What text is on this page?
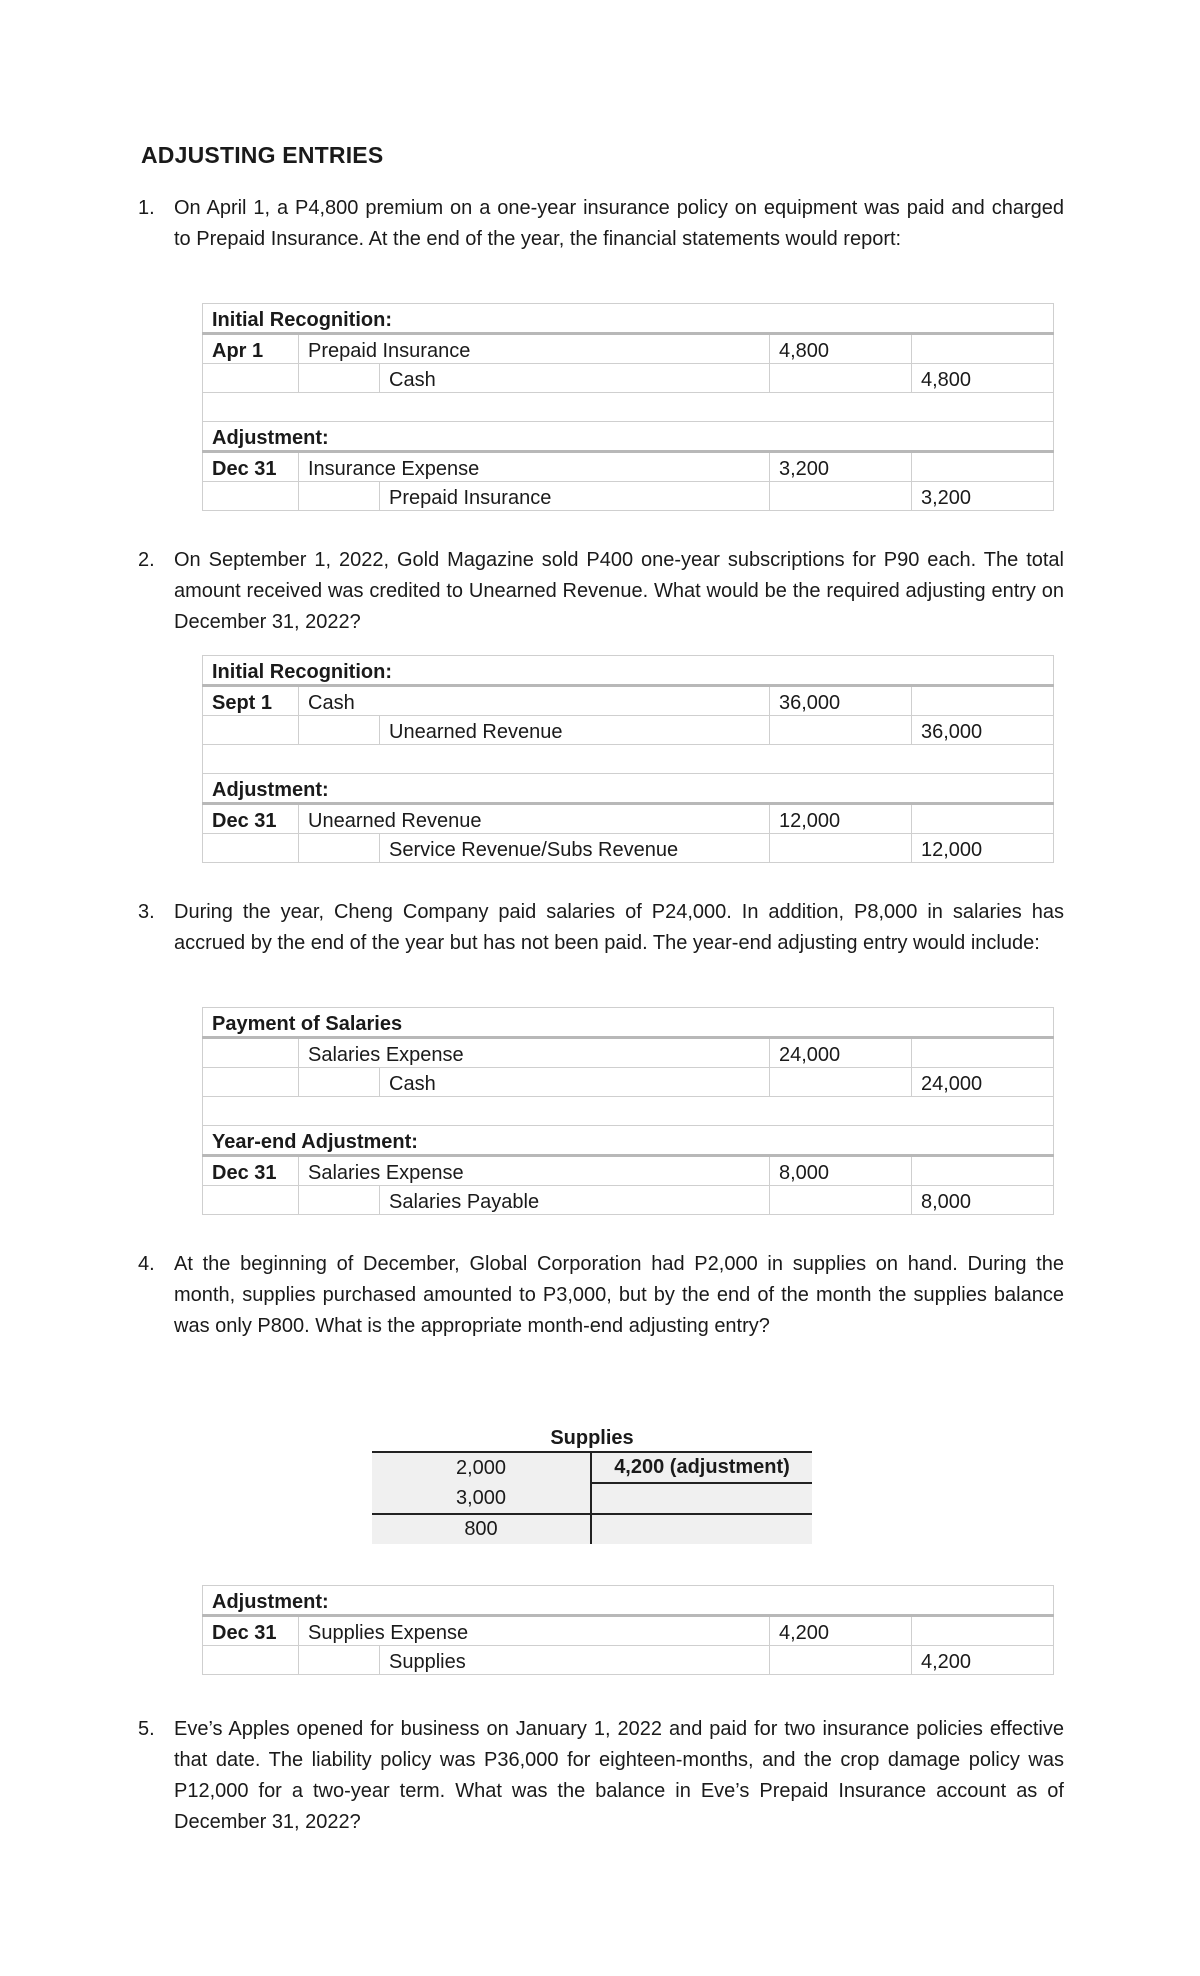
ADJUSTING ENTRIES

1. On April 1, a P4,800 premium on a one-year insurance policy on equipment was paid and charged to Prepaid Insurance. At the end of the year, the financial statements would report:

Initial Recognition:				
Apr 1	Prepaid Insurance		4,800	
		Cash		4,800

Adjustment:				
Dec 31	Insurance Expense		3,200	
		Prepaid Insurance		3,200

2. On September 1, 2022, Gold Magazine sold P400 one-year subscriptions for P90 each. The total amount received was credited to Unearned Revenue. What would be the required adjusting entry on December 31, 2022?

Initial Recognition:				
Sept 1	Cash		36,000	
		Unearned Revenue		36,000

Adjustment:				
Dec 31	Unearned Revenue		12,000	
		Service Revenue/Subs Revenue		12,000

3. During the year, Cheng Company paid salaries of P24,000. In addition, P8,000 in salaries has accrued by the end of the year but has not been paid. The year-end adjusting entry would include:

Payment of Salaries				
	Salaries Expense		24,000	
		Cash		24,000

Year-end Adjustment:				
Dec 31	Salaries Expense		8,000	
		Salaries Payable		8,000

4. At the beginning of December, Global Corporation had P2,000 in supplies on hand. During the month, supplies purchased amounted to P3,000, but by the end of the month the supplies balance was only P800. What is the appropriate month-end adjusting entry?

Supplies
2,000	4,200 (adjustment)
3,000	
800	
Adjustment:				
Dec 31	Supplies Expense		4,200	
		Supplies		4,200

5. Eve’s Apples opened for business on January 1, 2022 and paid for two insurance policies effective that date. The liability policy was P36,000 for eighteen-months, and the crop damage policy was P12,000 for a two-year term. What was the balance in Eve’s Prepaid Insurance account as of December 31, 2022?
